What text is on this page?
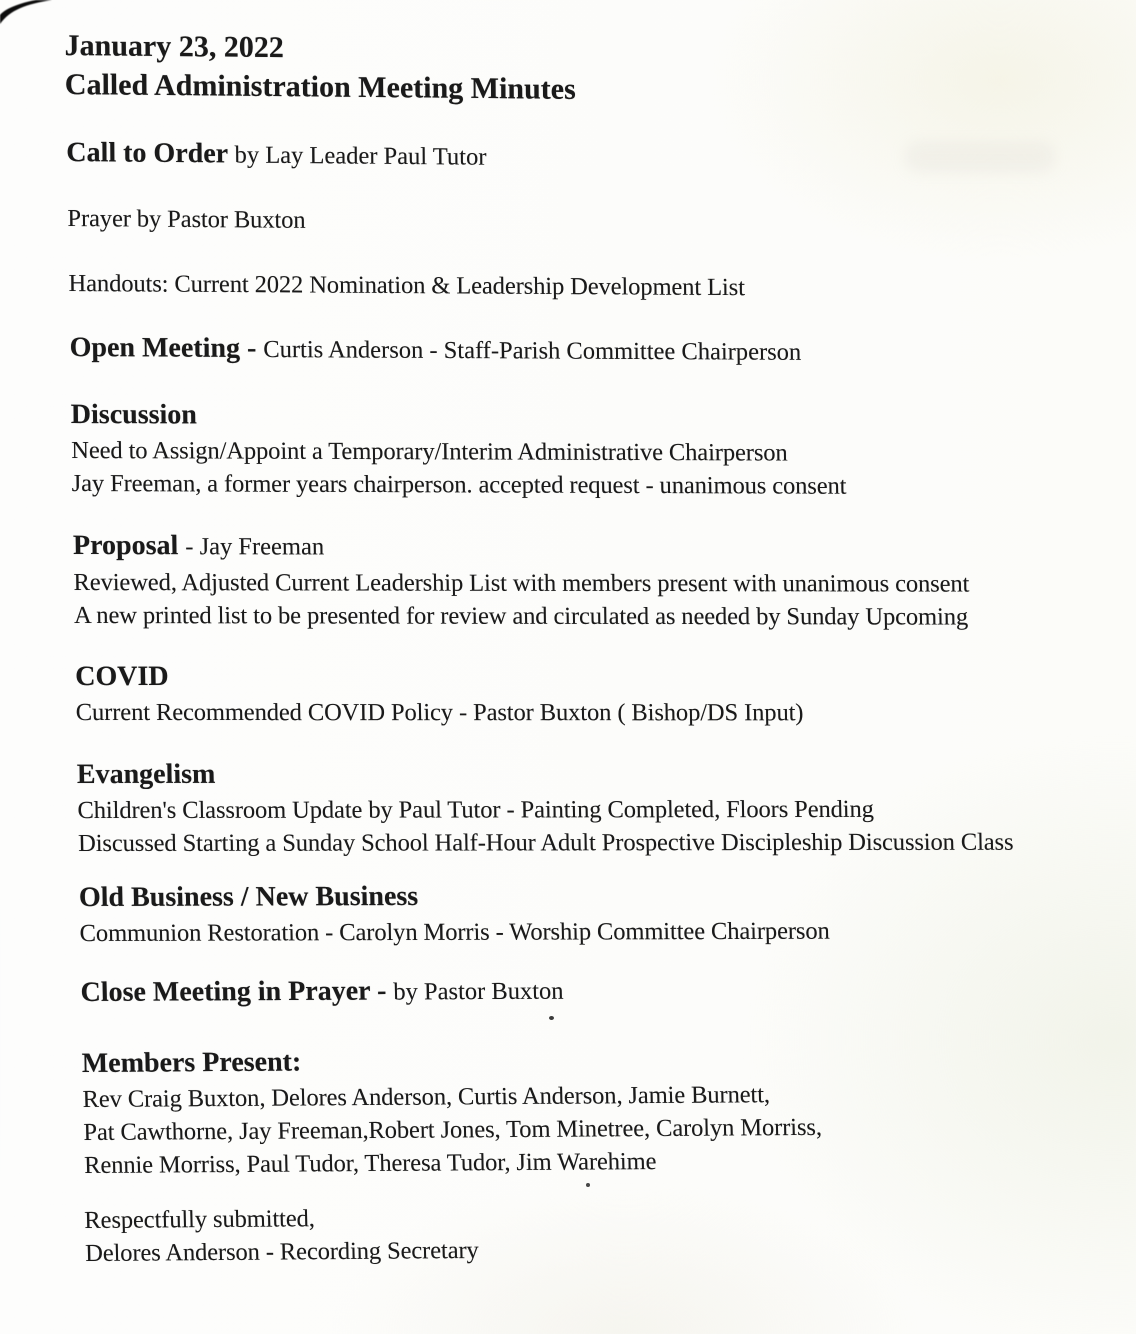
January 23, 2022
Called Administration Meeting Minutes
Call to Order by Lay Leader Paul Tutor
Prayer by Pastor Buxton
Handouts: Current 2022 Nomination & Leadership Development List
Open Meeting - Curtis Anderson - Staff-Parish Committee Chairperson
Discussion
Need to Assign/Appoint a Temporary/Interim Administrative Chairperson
Jay Freeman, a former years chairperson. accepted request - unanimous consent
Proposal - Jay Freeman
Reviewed, Adjusted Current Leadership List with members present with unanimous consent
A new printed list to be presented for review and circulated as needed by Sunday Upcoming
COVID
Current Recommended COVID Policy - Pastor Buxton ( Bishop/DS Input)
Evangelism
Children's Classroom Update by Paul Tutor - Painting Completed, Floors Pending
Discussed Starting a Sunday School Half-Hour Adult Prospective Discipleship Discussion Class
Old Business / New Business
Communion Restoration - Carolyn Morris - Worship Committee Chairperson
Close Meeting in Prayer - by Pastor Buxton
Members Present:
Rev Craig Buxton, Delores Anderson, Curtis Anderson, Jamie Burnett,
Pat Cawthorne, Jay Freeman,Robert Jones, Tom Minetree, Carolyn Morriss,
Rennie Morriss, Paul Tudor, Theresa Tudor, Jim Warehime
Respectfully submitted,
Delores Anderson - Recording Secretary
